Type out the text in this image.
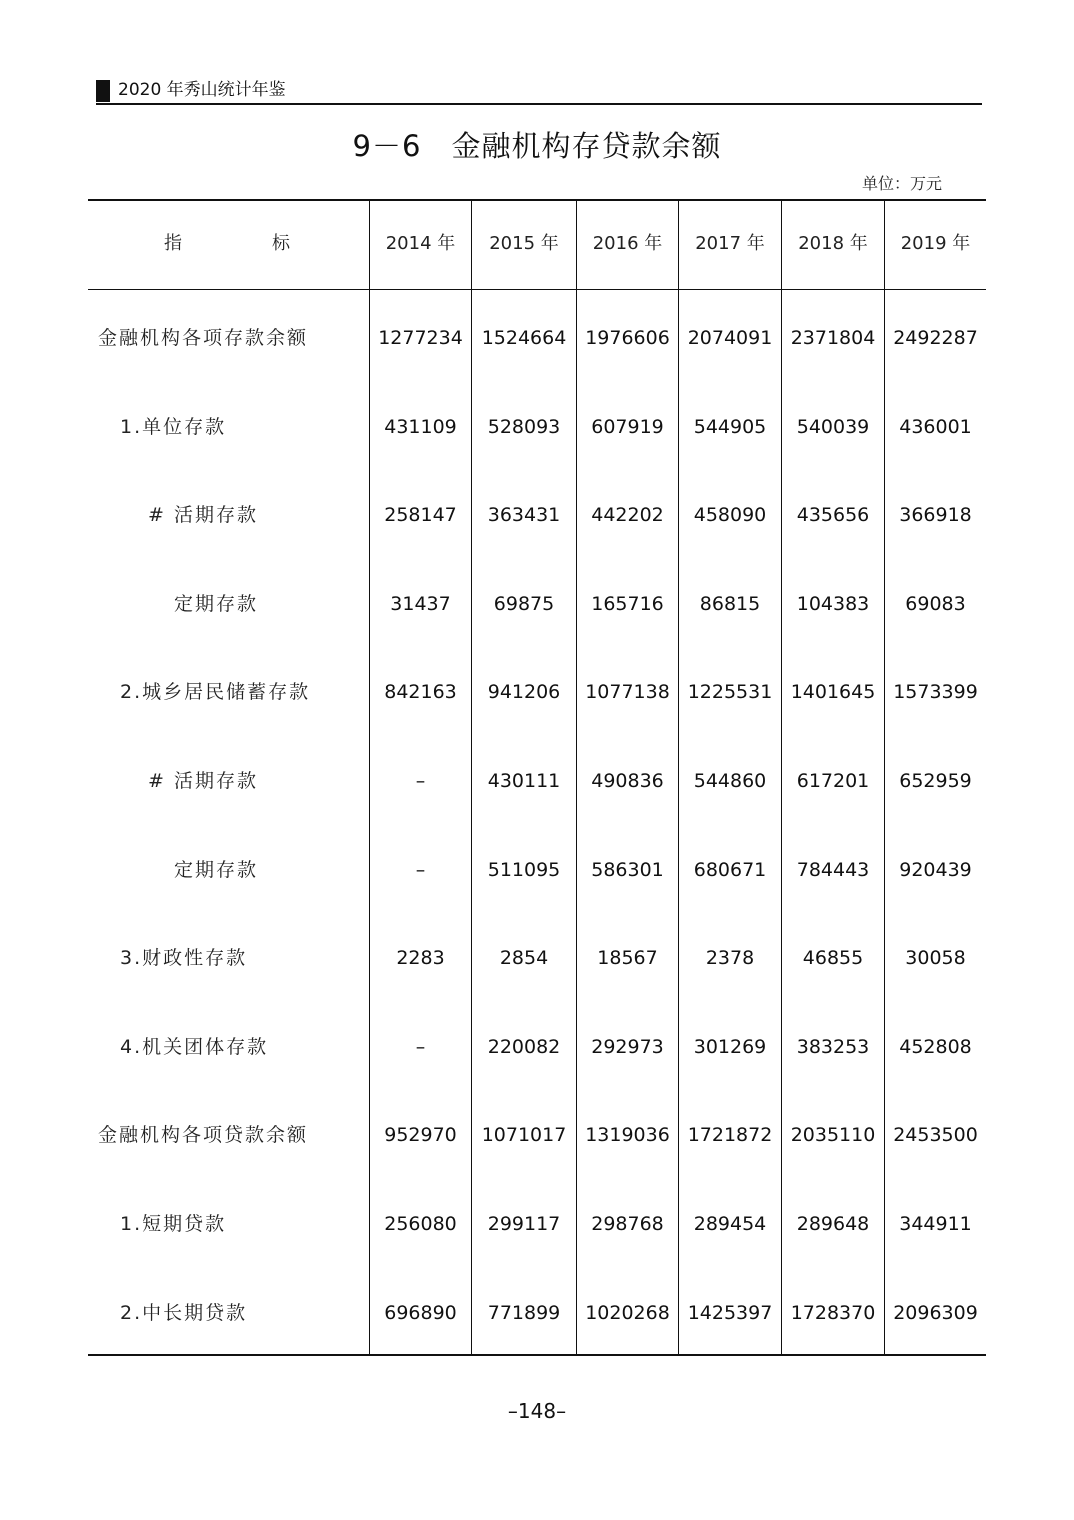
2020 年秀山统计年鉴
9－6　金融机构存贷款余额
单位：万元
指	标	2014 年	2015 年	2016 年	2017 年	2018 年	2019 年
金融机构各项存款余额	1277234 1524664 1976606 2074091 2371804 2492287
1.单位存款	431109	528093	607919	544905	540039	436001
# 活期存款	258147	363431	442202	458090	435656	366918
定期存款	31437	69875	165716	86815	104383	69083
2.城乡居民储蓄存款	842163	941206	1077138 1225531 1401645 1573399
# 活期存款	–	430111	490836	544860	617201	652959
定期存款	–	511095	586301	680671	784443	920439
3.财政性存款	2283	2854	18567	2378	46855	30058
4.机关团体存款	–	220082	292973	301269	383253	452808
金融机构各项贷款余额	952970	1071017 1319036 1721872 2035110 2453500
1.短期贷款	256080	299117	298768	289454	289648	344911
2.中长期贷款	696890	771899	1020268 1425397 1728370 2096309
–148–
